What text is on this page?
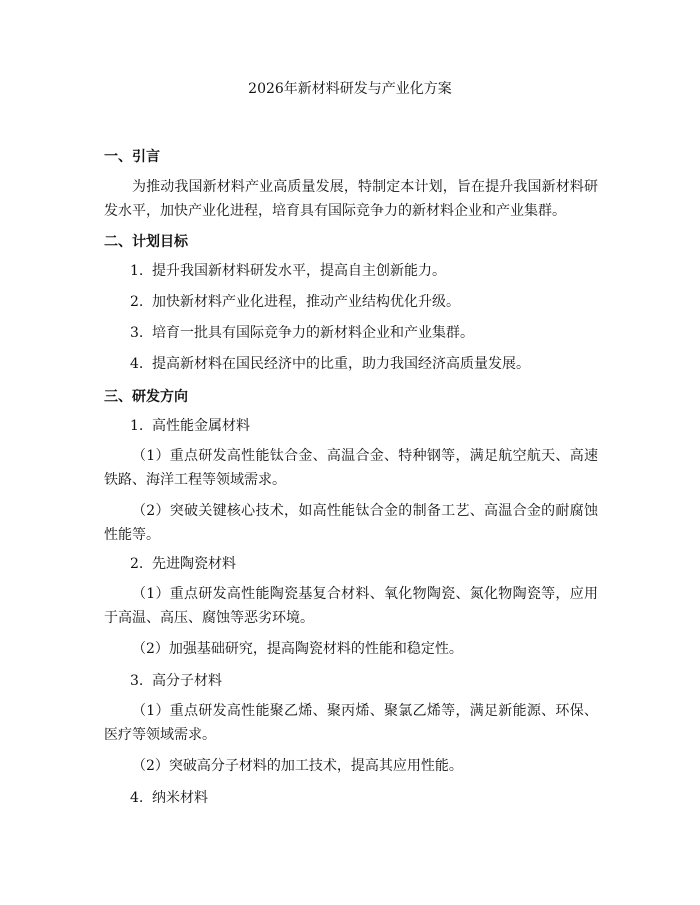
2026年新材料研发与产业化方案
一、引言
为推动我国新材料产业高质量发展，特制定本计划，旨在提升我国新材料研发水平，加快产业化进程，培育具有国际竞争力的新材料企业和产业集群。
二、计划目标
1. 提升我国新材料研发水平，提高自主创新能力。
2. 加快新材料产业化进程，推动产业结构优化升级。
3. 培育一批具有国际竞争力的新材料企业和产业集群。
4. 提高新材料在国民经济中的比重，助力我国经济高质量发展。
三、研发方向
1. 高性能金属材料
（1）重点研发高性能钛合金、高温合金、特种钢等，满足航空航天、高速铁路、海洋工程等领域需求。
（2）突破关键核心技术，如高性能钛合金的制备工艺、高温合金的耐腐蚀性能等。
2. 先进陶瓷材料
（1）重点研发高性能陶瓷基复合材料、氧化物陶瓷、氮化物陶瓷等，应用于高温、高压、腐蚀等恶劣环境。
（2）加强基础研究，提高陶瓷材料的性能和稳定性。
3. 高分子材料
（1）重点研发高性能聚乙烯、聚丙烯、聚氯乙烯等，满足新能源、环保、医疗等领域需求。
（2）突破高分子材料的加工技术，提高其应用性能。
4. 纳米材料
